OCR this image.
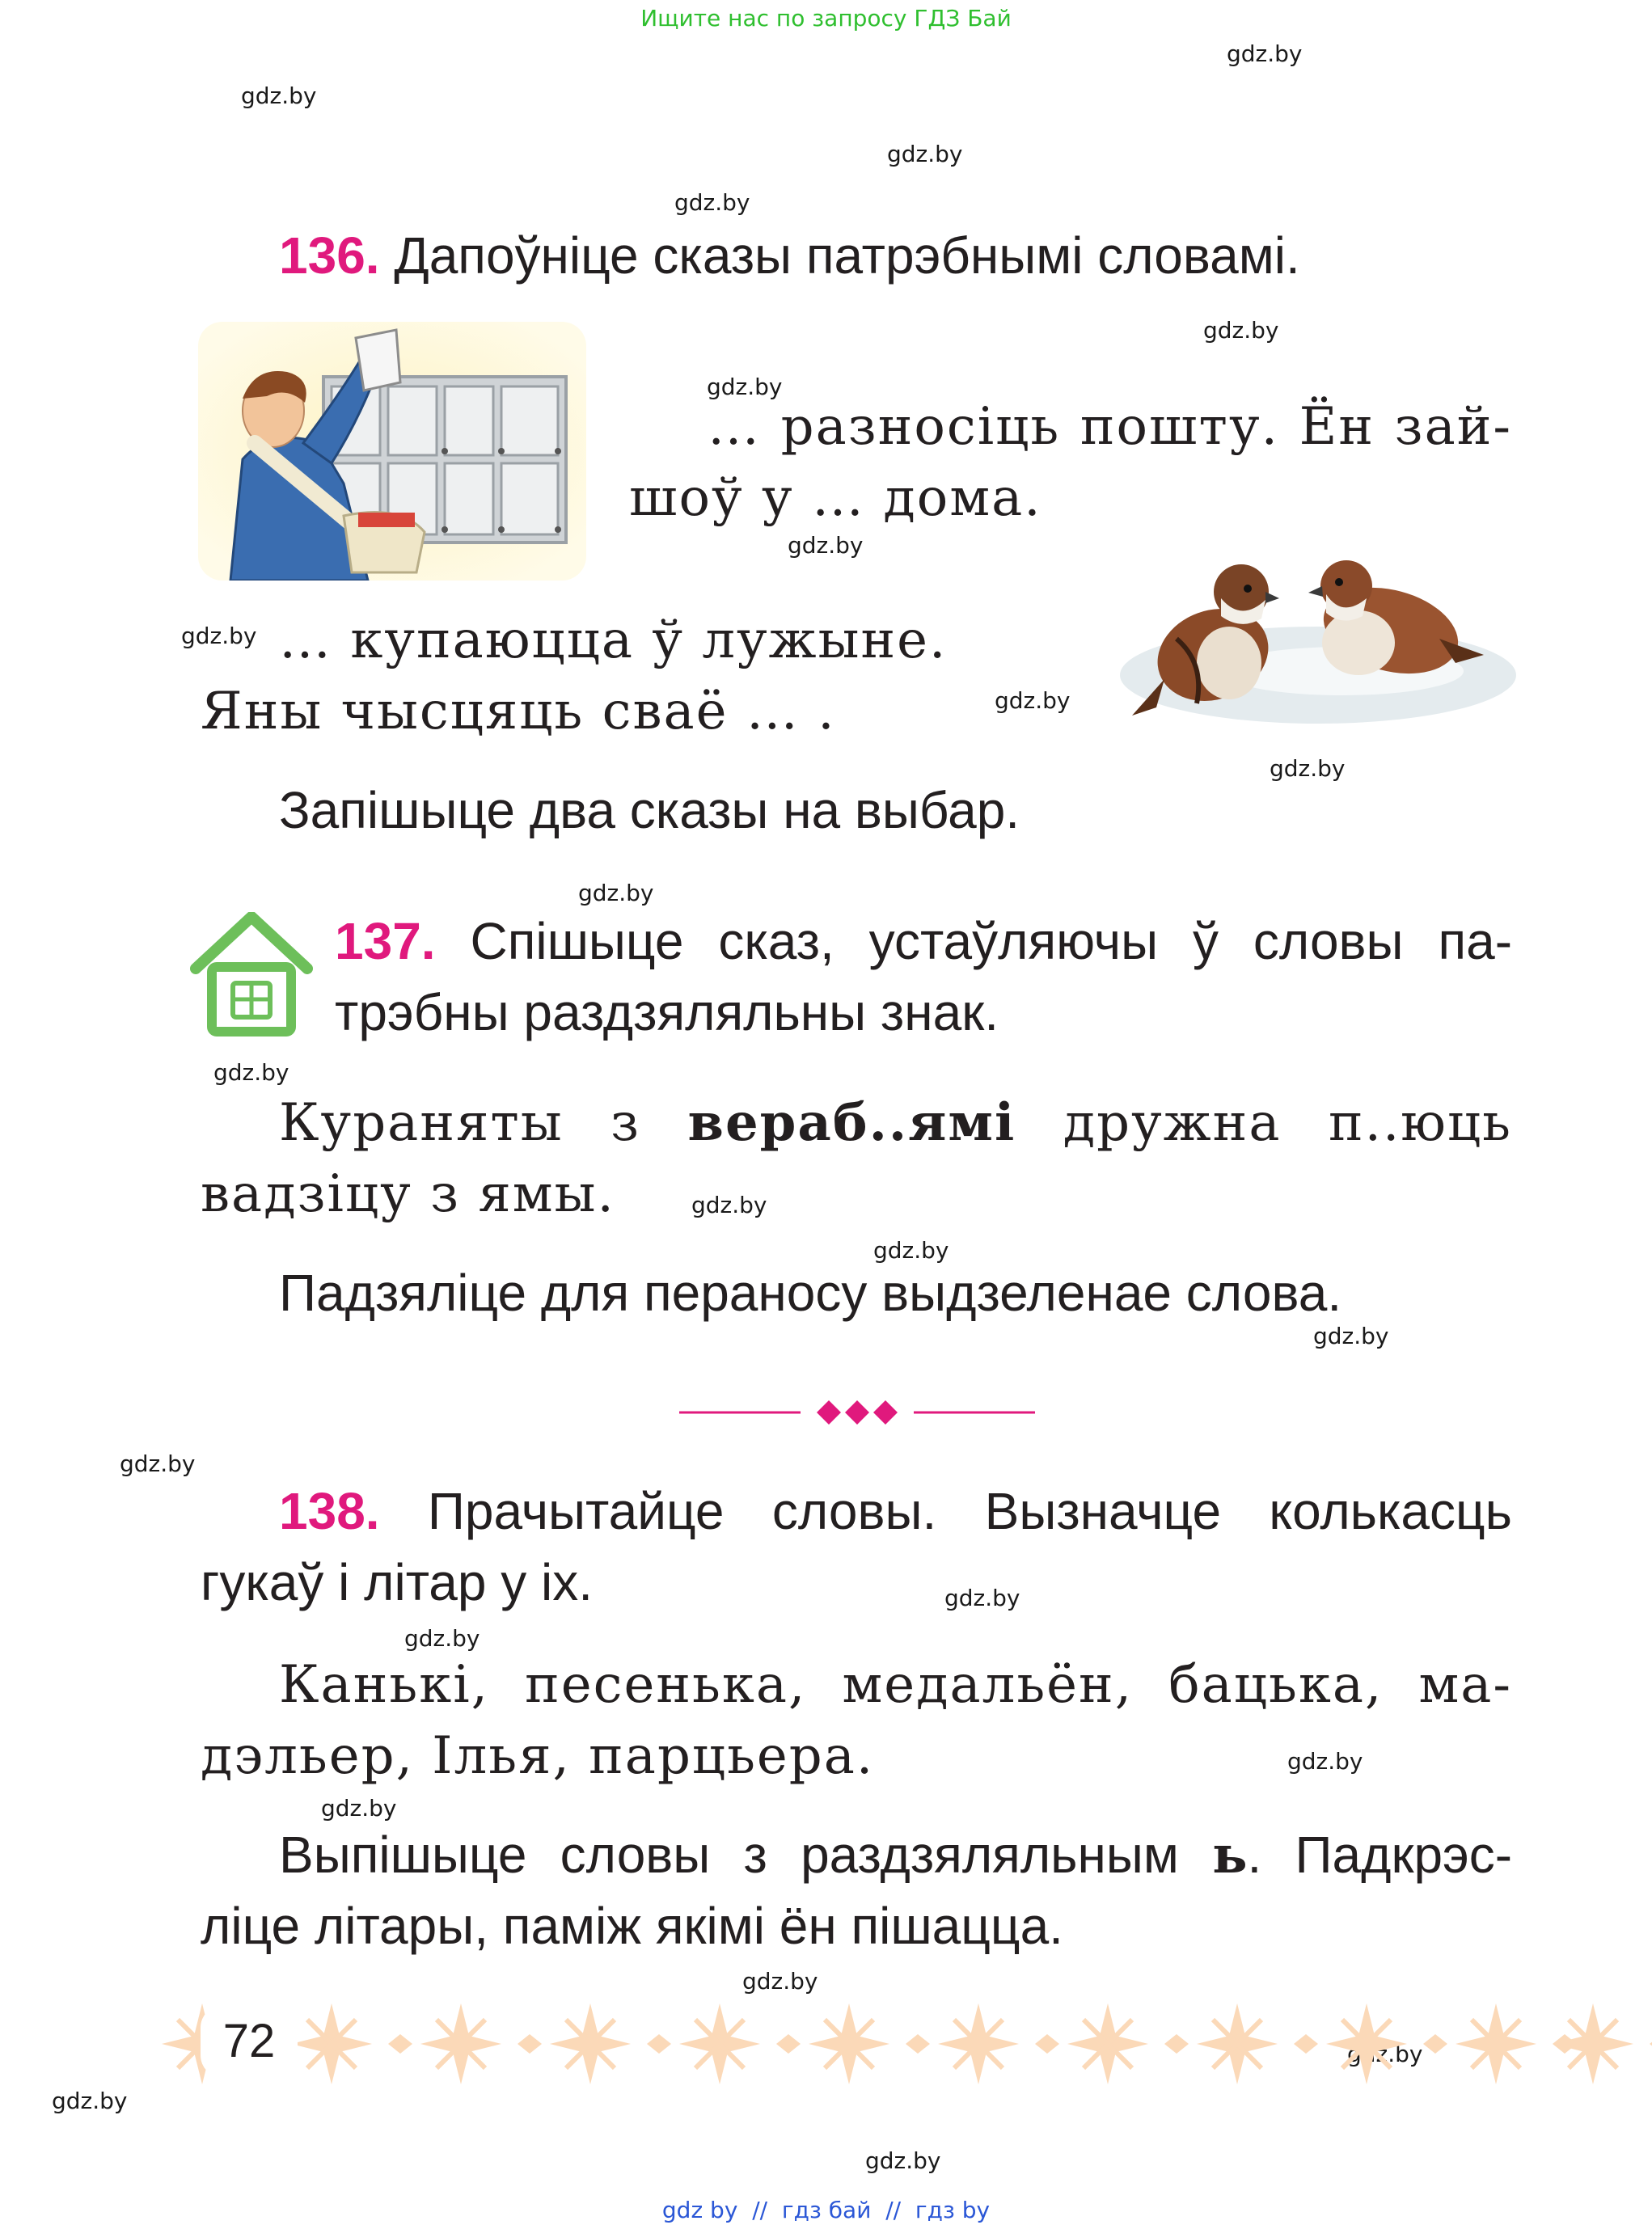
Ищите нас по запросу ГДЗ Бай
gdz.by
gdz.by
gdz.by
gdz.by
gdz.by
gdz.by
gdz.by
gdz.by
gdz.by
gdz.by
gdz.by
gdz.by
gdz.by
gdz.by
gdz.by
gdz.by
gdz.by
gdz.by
gdz.by
gdz.by
gdz.by
gdz.by
gdz.by
gdz.by
136. Дапоўніце сказы патрэбнымі словамі.
… разносіць пошту. Ён зай-
шоў у … дома.
… купаюцца ў лужыне.
Яны чысцяць сваё … .
Запішыце два сказы на выбар.
137. Спішыце сказ, устаўляючы ў словы па-
трэбны раздзяляльны знак.
Кураняты з вераб..ямі дружна п..юць
вадзіцу з ямы.
Падзяліце для пераносу выдзеленае слова.
138. Прачытайце словы. Вызначце колькасць
гукаў і літар у іх.
Канькі, песенька, медальён, бацька, ма-
дэльер, Ілья, парцьера.
Выпішыце словы з раздзяляльным ь. Падкрэс-
ліце літары, паміж якімі ён пішацца.
72
gdz by // гдз бай // гдз by
